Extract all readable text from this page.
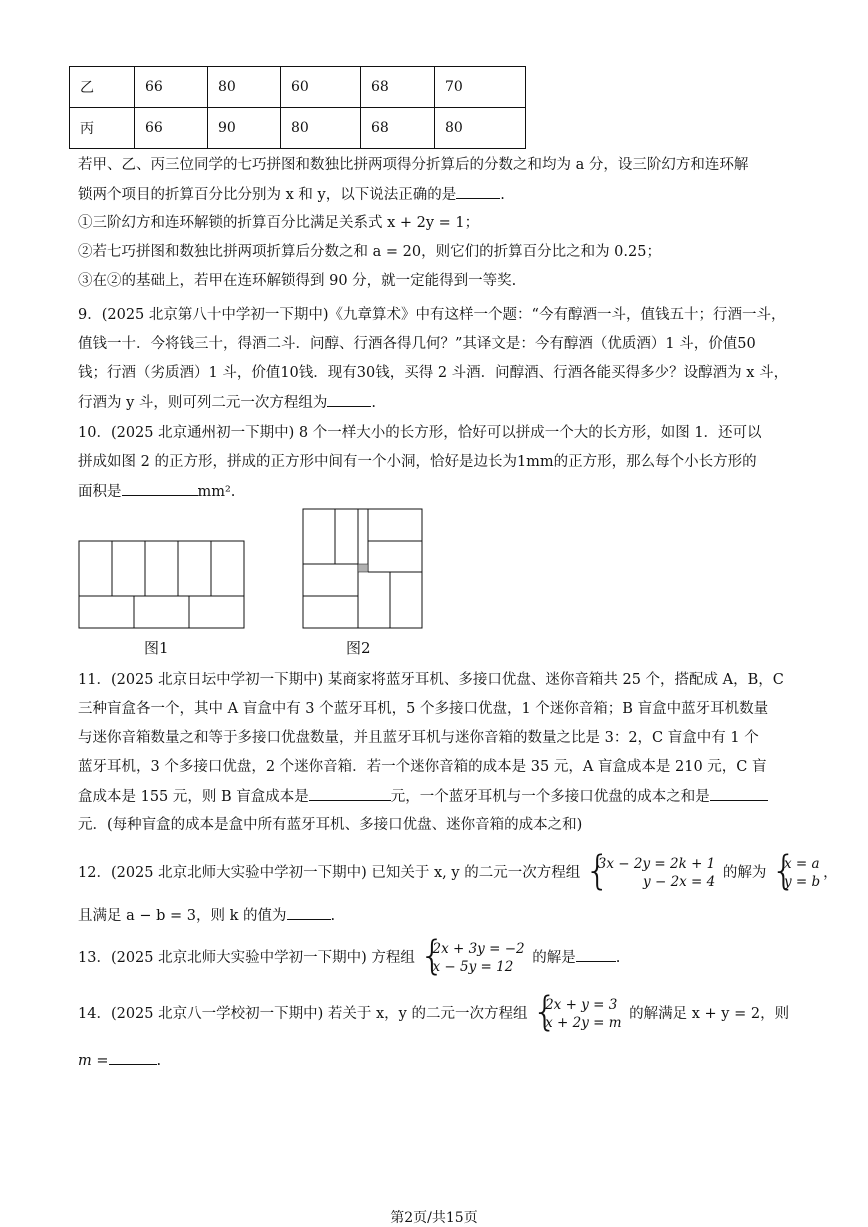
乙	66	80	60	68	70
丙	66	90	80	68	80
若甲、乙、丙三位同学的七巧拼图和数独比拼两项得分折算后的分数之和均为 a 分，设三阶幻方和连环解
锁两个项目的折算百分比分别为 x 和 y，以下说法正确的是	.
①三阶幻方和连环解锁的折算百分比满足关系式 x + 2y = 1；
②若七巧拼图和数独比拼两项折算后分数之和 a = 20，则它们的折算百分比之和为 0.25；
③在②的基础上，若甲在连环解锁得到 90 分，就一定能得到一等奖.
9．(2025 北京第八十中学初一下期中)《九章算术》中有这样一个题：“今有醇酒一斗，值钱五十；行酒一斗，
值钱一十．今将钱三十，得酒二斗．问醇、行酒各得几何？”其译文是：今有醇酒（优质酒）1 斗，价值50
钱；行酒（劣质酒）1 斗，价值10钱．现有30钱，买得 2 斗酒．问醇酒、行酒各能买得多少？设醇酒为 x 斗，
行酒为 y 斗，则可列二元一次方程组为	.
10．(2025 北京通州初一下期中) 8 个一样大小的长方形，恰好可以拼成一个大的长方形，如图 1．还可以
拼成如图 2 的正方形，拼成的正方形中间有一个小洞，恰好是边长为1mm的正方形，那么每个小长方形的
面积是	mm².
图1	图2
11．(2025 北京日坛中学初一下期中) 某商家将蓝牙耳机、多接口优盘、迷你音箱共 25 个，搭配成 A，B，C
三种盲盒各一个，其中 A 盲盒中有 3 个蓝牙耳机，5 个多接口优盘，1 个迷你音箱；B 盲盒中蓝牙耳机数量
与迷你音箱数量之和等于多接口优盘数量，并且蓝牙耳机与迷你音箱的数量之比是 3：2，C 盲盒中有 1 个
蓝牙耳机，3 个多接口优盘，2 个迷你音箱．若一个迷你音箱的成本是 35 元，A 盲盒成本是 210 元，C 盲
盒成本是 155 元，则 B 盲盒成本是	元，一个蓝牙耳机与一个多接口优盘的成本之和是
元．(每种盲盒的成本是盒中所有蓝牙耳机、多接口优盘、迷你音箱的成本之和)
12．(2025 北京北师大实验中学初一下期中) 已知关于 x, y 的二元一次方程组
{ 3x − 2y = 2k + 1
y − 2x = 4
的解为
{ x = a
y = b
，
且满足 a − b = 3，则 k 的值为	.
13．(2025 北京北师大实验中学初一下期中) 方程组
{ 2x + 3y = −2
x − 5y = 12
的解是	.
14．(2025 北京八一学校初一下期中) 若关于 x，y 的二元一次方程组
{ 2x + y = 3
x + 2y = m
的解满足 x + y = 2，则
m =	.
第2页/共15页
